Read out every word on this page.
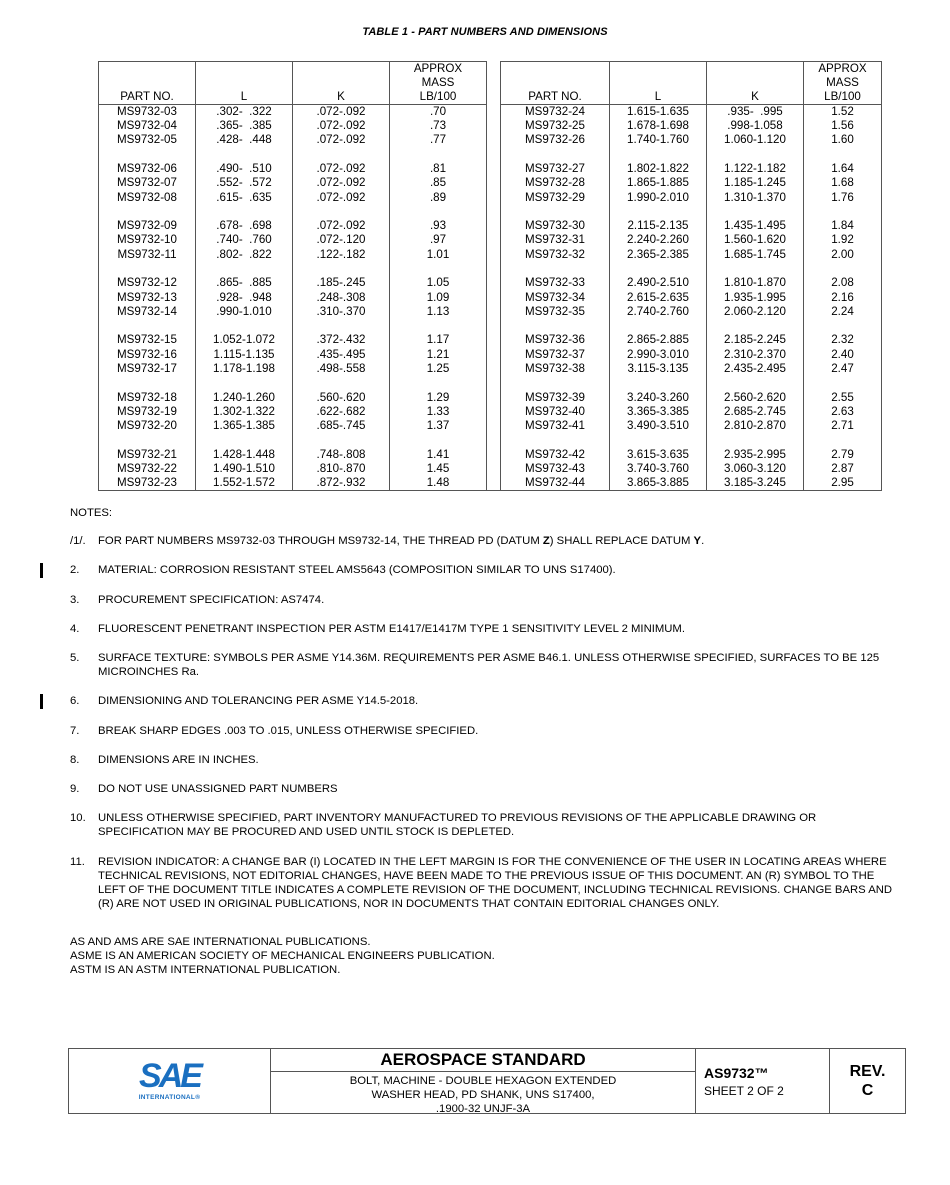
TABLE 1 - PART NUMBERS AND DIMENSIONS
PART NO.	L	K	APPROX
MASS
LB/100		PART NO.	L	K	APPROX
MASS
LB/100
MS9732-03	.302-  .322	.072-.092	.70		MS9732-24	1.615-1.635	.935-  .995	1.52
MS9732-04	.365-  .385	.072-.092	.73		MS9732-25	1.678-1.698	.998-1.058	1.56
MS9732-05	.428-  .448	.072-.092	.77		MS9732-26	1.740-1.760	1.060-1.120	1.60

MS9732-06	.490-  .510	.072-.092	.81		MS9732-27	1.802-1.822	1.122-1.182	1.64
MS9732-07	.552-  .572	.072-.092	.85		MS9732-28	1.865-1.885	1.185-1.245	1.68
MS9732-08	.615-  .635	.072-.092	.89		MS9732-29	1.990-2.010	1.310-1.370	1.76

MS9732-09	.678-  .698	.072-.092	.93		MS9732-30	2.115-2.135	1.435-1.495	1.84
MS9732-10	.740-  .760	.072-.120	.97		MS9732-31	2.240-2.260	1.560-1.620	1.92
MS9732-11	.802-  .822	.122-.182	1.01		MS9732-32	2.365-2.385	1.685-1.745	2.00

MS9732-12	.865-  .885	.185-.245	1.05		MS9732-33	2.490-2.510	1.810-1.870	2.08
MS9732-13	.928-  .948	.248-.308	1.09		MS9732-34	2.615-2.635	1.935-1.995	2.16
MS9732-14	.990-1.010	.310-.370	1.13		MS9732-35	2.740-2.760	2.060-2.120	2.24

MS9732-15	1.052-1.072	.372-.432	1.17		MS9732-36	2.865-2.885	2.185-2.245	2.32
MS9732-16	1.115-1.135	.435-.495	1.21		MS9732-37	2.990-3.010	2.310-2.370	2.40
MS9732-17	1.178-1.198	.498-.558	1.25		MS9732-38	3.115-3.135	2.435-2.495	2.47

MS9732-18	1.240-1.260	.560-.620	1.29		MS9732-39	3.240-3.260	2.560-2.620	2.55
MS9732-19	1.302-1.322	.622-.682	1.33		MS9732-40	3.365-3.385	2.685-2.745	2.63
MS9732-20	1.365-1.385	.685-.745	1.37		MS9732-41	3.490-3.510	2.810-2.870	2.71

MS9732-21	1.428-1.448	.748-.808	1.41		MS9732-42	3.615-3.635	2.935-2.995	2.79
MS9732-22	1.490-1.510	.810-.870	1.45		MS9732-43	3.740-3.760	3.060-3.120	2.87
MS9732-23	1.552-1.572	.872-.932	1.48		MS9732-44	3.865-3.885	3.185-3.245	2.95
NOTES:
/1/. FOR PART NUMBERS MS9732-03 THROUGH MS9732-14, THE THREAD PD (DATUM Z) SHALL REPLACE DATUM Y.
2. MATERIAL: CORROSION RESISTANT STEEL AMS5643 (COMPOSITION SIMILAR TO UNS S17400).
3. PROCUREMENT SPECIFICATION: AS7474.
4. FLUORESCENT PENETRANT INSPECTION PER ASTM E1417/E1417M TYPE 1 SENSITIVITY LEVEL 2 MINIMUM.
5. SURFACE TEXTURE: SYMBOLS PER ASME Y14.36M. REQUIREMENTS PER ASME B46.1. UNLESS OTHERWISE SPECIFIED, SURFACES TO BE 125 MICROINCHES Ra.
6. DIMENSIONING AND TOLERANCING PER ASME Y14.5-2018.
7. BREAK SHARP EDGES .003 TO .015, UNLESS OTHERWISE SPECIFIED.
8. DIMENSIONS ARE IN INCHES.
9. DO NOT USE UNASSIGNED PART NUMBERS
10. UNLESS OTHERWISE SPECIFIED, PART INVENTORY MANUFACTURED TO PREVIOUS REVISIONS OF THE APPLICABLE DRAWING OR SPECIFICATION MAY BE PROCURED AND USED UNTIL STOCK IS DEPLETED.
11. REVISION INDICATOR: A CHANGE BAR (I) LOCATED IN THE LEFT MARGIN IS FOR THE CONVENIENCE OF THE USER IN LOCATING AREAS WHERE TECHNICAL REVISIONS, NOT EDITORIAL CHANGES, HAVE BEEN MADE TO THE PREVIOUS ISSUE OF THIS DOCUMENT. AN (R) SYMBOL TO THE LEFT OF THE DOCUMENT TITLE INDICATES A COMPLETE REVISION OF THE DOCUMENT, INCLUDING TECHNICAL REVISIONS. CHANGE BARS AND (R) ARE NOT USED IN ORIGINAL PUBLICATIONS, NOR IN DOCUMENTS THAT CONTAIN EDITORIAL CHANGES ONLY.
AS AND AMS ARE SAE INTERNATIONAL PUBLICATIONS.
ASME IS AN AMERICAN SOCIETY OF MECHANICAL ENGINEERS PUBLICATION.
ASTM IS AN ASTM INTERNATIONAL PUBLICATION.
SAE
INTERNATIONAL®
AEROSPACE STANDARD
BOLT, MACHINE - DOUBLE HEXAGON EXTENDED
WASHER HEAD, PD SHANK, UNS S17400,
.1900-32 UNJF-3A
AS9732™
SHEET 2 OF 2
REV.
C
